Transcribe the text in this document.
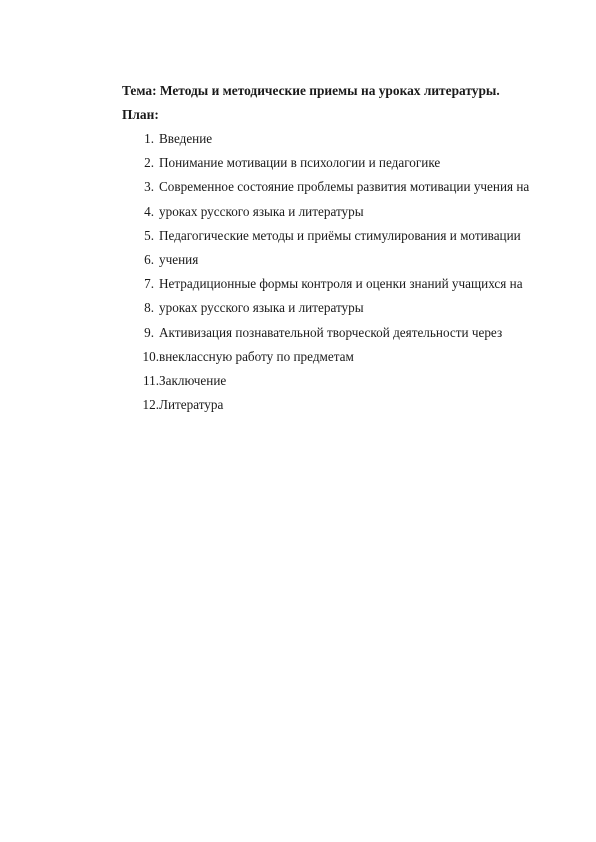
Тема: Методы и методические приемы на уроках литературы.
План:
1. Введение
2. Понимание мотивации в психологии и педагогике
3. Современное состояние проблемы развития мотивации учения на
4. уроках русского языка и литературы
5. Педагогические методы и приёмы стимулирования и мотивации
6. учения
7. Нетрадиционные формы контроля и оценки знаний учащихся на
8. уроках русского языка и литературы
9. Активизация познавательной творческой деятельности через
10. внеклассную работу по предметам
11. Заключение
12. Литература
